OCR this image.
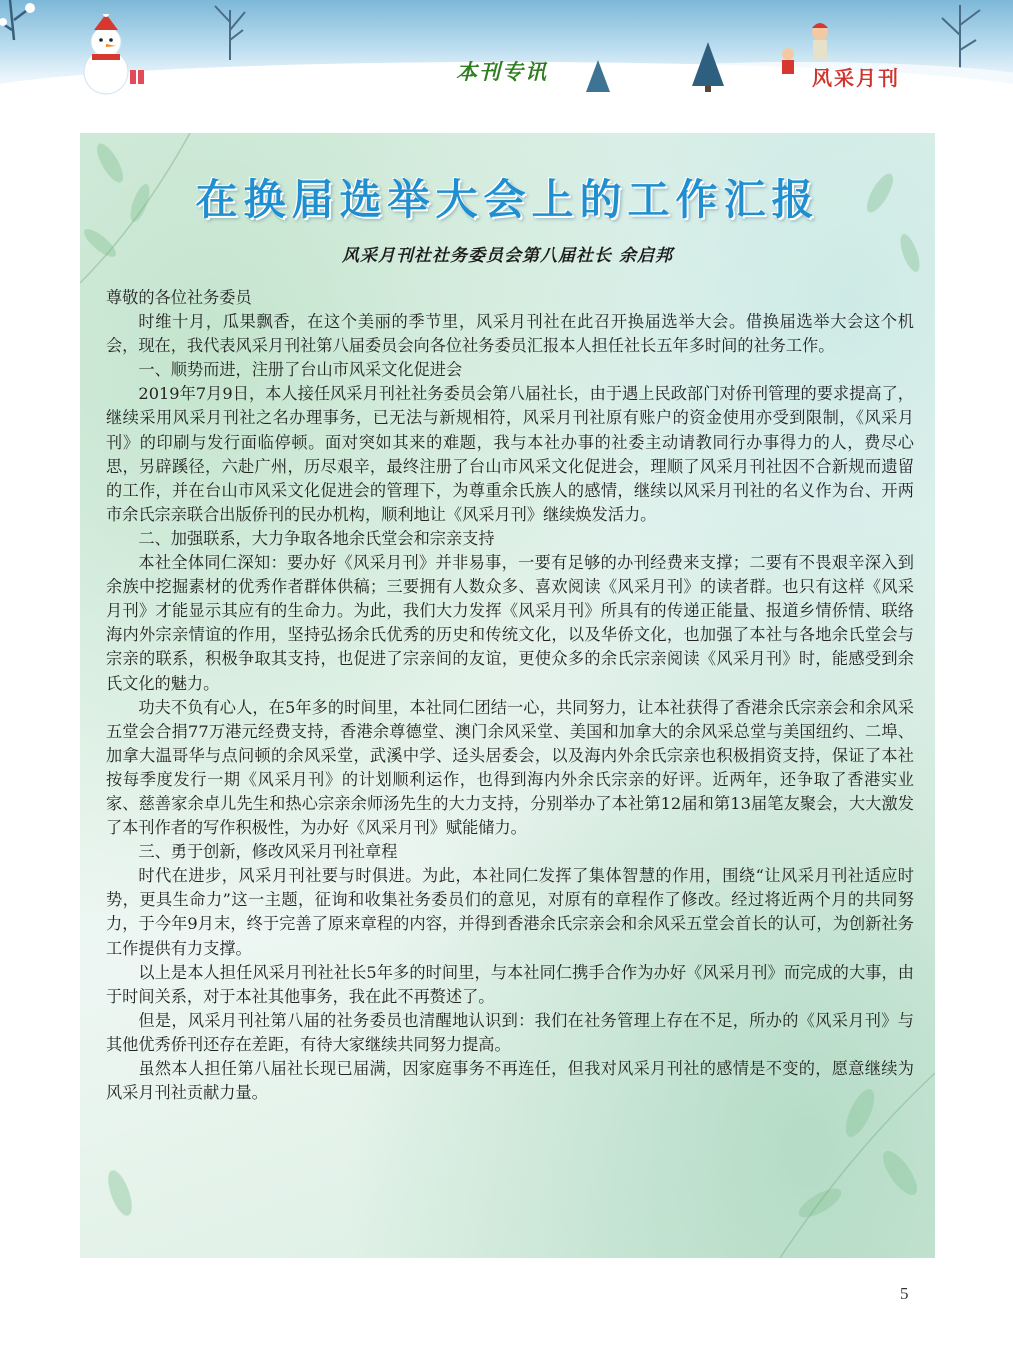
本刊专讯	风采月刊
在换届选举大会上的工作汇报
风采月刊社社务委员会第八届社长 余启邦

尊敬的各位社务委员

时维十月，瓜果飘香，在这个美丽的季节里，风采月刊社在此召开换届选举大会。借换届选举大会这个机会，现在，我代表风采月刊社第八届委员会向各位社务委员汇报本人担任社长五年多时间的社务工作。

一、顺势而进，注册了台山市风采文化促进会

2019年7月9日，本人接任风采月刊社社务委员会第八届社长，由于遇上民政部门对侨刊管理的要求提高了，继续采用风采月刊社之名办理事务，已无法与新规相符，风采月刊社原有账户的资金使用亦受到限制，《风采月刊》的印刷与发行面临停顿。面对突如其来的难题，我与本社办事的社委主动请教同行办事得力的人，费尽心思，另辟蹊径，六赴广州，历尽艰辛，最终注册了台山市风采文化促进会，理顺了风采月刊社因不合新规而遗留的工作，并在台山市风采文化促进会的管理下，为尊重余氏族人的感情，继续以风采月刊社的名义作为台、开两市余氏宗亲联合出版侨刊的民办机构，顺利地让《风采月刊》继续焕发活力。

二、加强联系，大力争取各地余氏堂会和宗亲支持

本社全体同仁深知：要办好《风采月刊》并非易事，一要有足够的办刊经费来支撑；二要有不畏艰辛深入到余族中挖掘素材的优秀作者群体供稿；三要拥有人数众多、喜欢阅读《风采月刊》的读者群。也只有这样《风采月刊》才能显示其应有的生命力。为此，我们大力发挥《风采月刊》所具有的传递正能量、报道乡情侨情、联络海内外宗亲情谊的作用，坚持弘扬余氏优秀的历史和传统文化，以及华侨文化，也加强了本社与各地余氏堂会与宗亲的联系，积极争取其支持，也促进了宗亲间的友谊，更使众多的余氏宗亲阅读《风采月刊》时，能感受到余氏文化的魅力。

功夫不负有心人，在5年多的时间里，本社同仁团结一心，共同努力，让本社获得了香港余氏宗亲会和余风采五堂会合捐77万港元经费支持，香港余尊德堂、澳门余风采堂、美国和加拿大的余风采总堂与美国纽约、二埠、加拿大温哥华与点问顿的余风采堂，武溪中学、迳头居委会，以及海内外余氏宗亲也积极捐资支持，保证了本社按每季度发行一期《风采月刊》的计划顺利运作，也得到海内外余氏宗亲的好评。近两年，还争取了香港实业家、慈善家余卓儿先生和热心宗亲余师汤先生的大力支持，分别举办了本社第12届和第13届笔友聚会，大大激发了本刊作者的写作积极性，为办好《风采月刊》赋能储力。

三、勇于创新，修改风采月刊社章程

时代在进步，风采月刊社要与时俱进。为此，本社同仁发挥了集体智慧的作用，围绕“让风采月刊社适应时势，更具生命力”这一主题，征询和收集社务委员们的意见，对原有的章程作了修改。经过将近两个月的共同努力，于今年9月末，终于完善了原来章程的内容，并得到香港余氏宗亲会和余风采五堂会首长的认可，为创新社务工作提供有力支撑。

以上是本人担任风采月刊社社长5年多的时间里，与本社同仁携手合作为办好《风采月刊》而完成的大事，由于时间关系，对于本社其他事务，我在此不再赘述了。

但是，风采月刊社第八届的社务委员也清醒地认识到：我们在社务管理上存在不足，所办的《风采月刊》与其他优秀侨刊还存在差距，有待大家继续共同努力提高。

虽然本人担任第八届社长现已届满，因家庭事务不再连任，但我对风采月刊社的感情是不变的，愿意继续为风采月刊社贡献力量。

5
